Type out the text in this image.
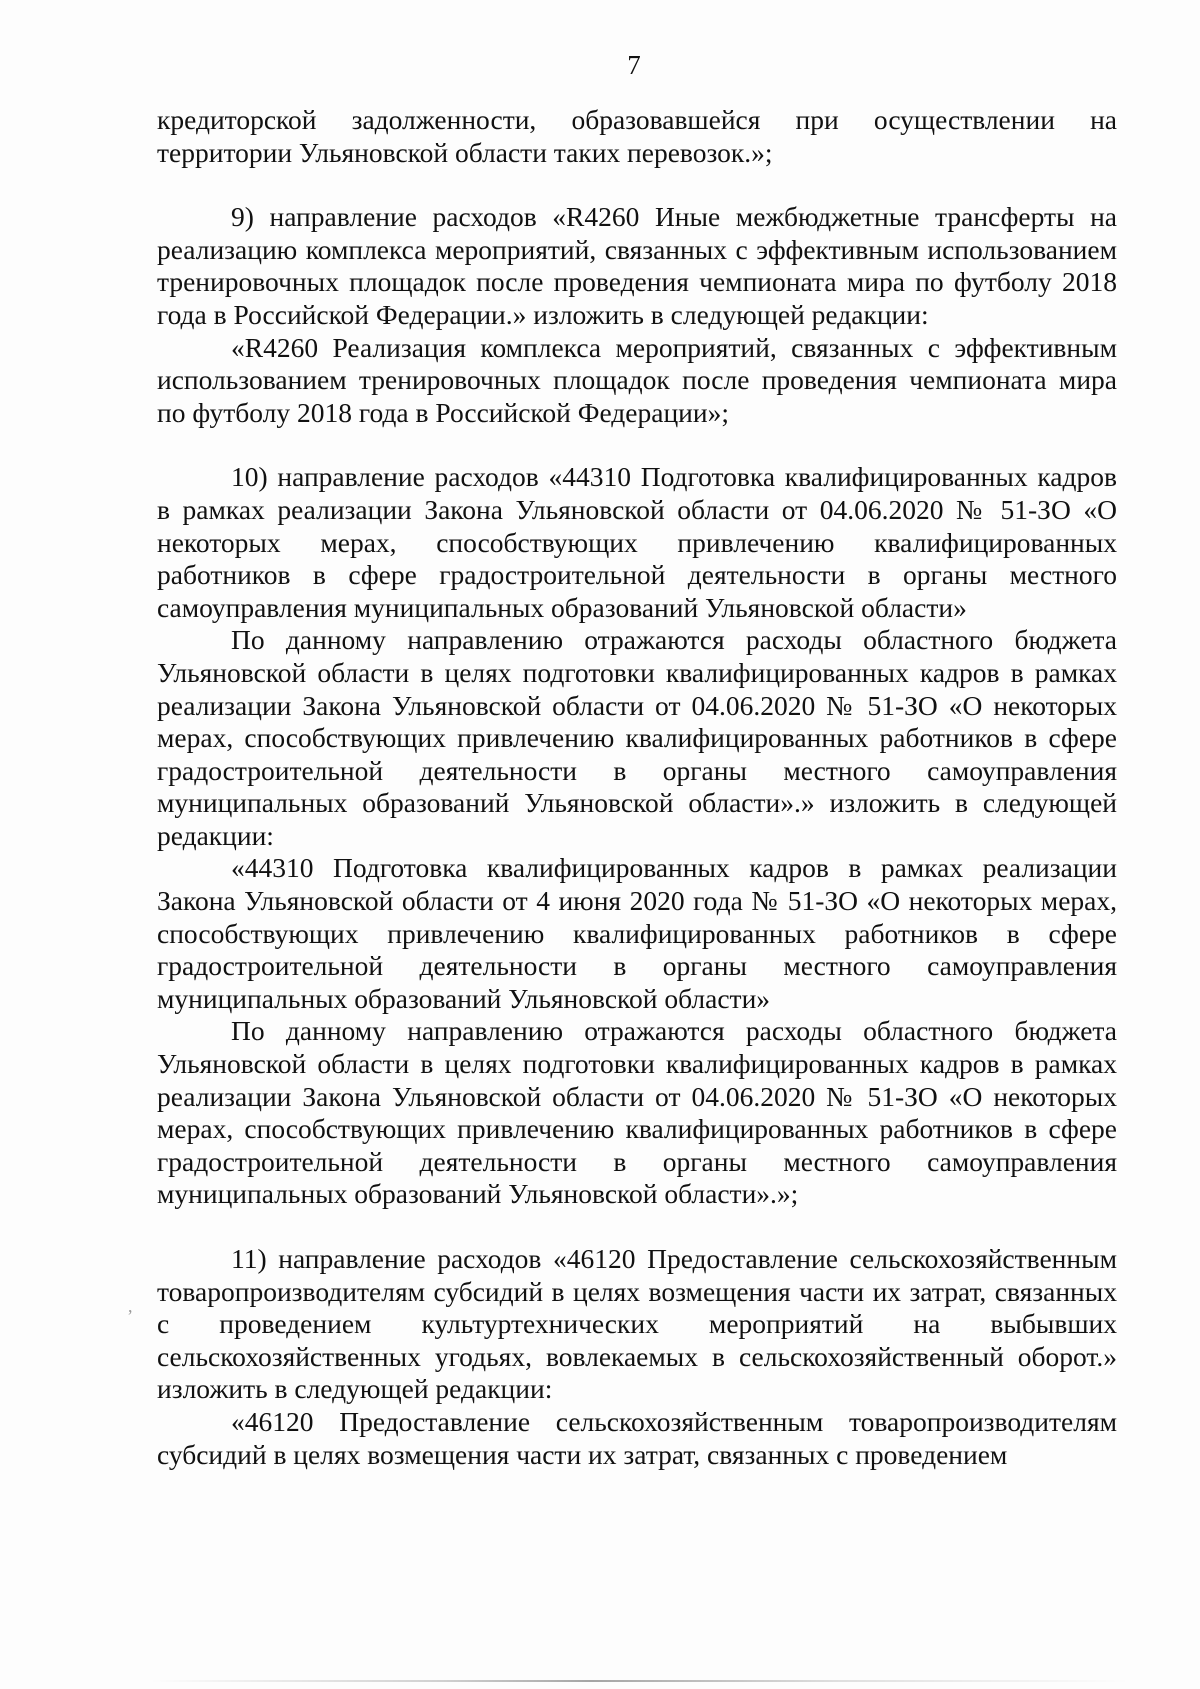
7

кредиторской задолженности, образовавшейся при осуществлении на территории Ульяновской области таких перевозок.»;

9) направление расходов «R4260 Иные межбюджетные трансферты на реализацию комплекса мероприятий, связанных с эффективным использованием тренировочных площадок после проведения чемпионата мира по футболу 2018 года в Российской Федерации.» изложить в следующей редакции:

«R4260 Реализация комплекса мероприятий, связанных с эффективным использованием тренировочных площадок после проведения чемпионата мира по футболу 2018 года в Российской Федерации»;

10) направление расходов «44310 Подготовка квалифицированных кадров в рамках реализации Закона Ульяновской области от 04.06.2020 № 51-ЗО «О некоторых мерах, способствующих привлечению квалифицированных работников в сфере градостроительной деятельности в органы местного самоуправления муниципальных образований Ульяновской области»

По данному направлению отражаются расходы областного бюджета Ульяновской области в целях подготовки квалифицированных кадров в рамках реализации Закона Ульяновской области от 04.06.2020 № 51-ЗО «О некоторых мерах, способствующих привлечению квалифицированных работников в сфере градостроительной деятельности в органы местного самоуправления муниципальных образований Ульяновской области».» изложить в следующей редакции:

«44310 Подготовка квалифицированных кадров в рамках реализации Закона Ульяновской области от 4 июня 2020 года № 51-ЗО «О некоторых мерах, способствующих привлечению квалифицированных работников в сфере градостроительной деятельности в органы местного самоуправления муниципальных образований Ульяновской области»

По данному направлению отражаются расходы областного бюджета Ульяновской области в целях подготовки квалифицированных кадров в рамках реализации Закона Ульяновской области от 04.06.2020 № 51-ЗО «О некоторых мерах, способствующих привлечению квалифицированных работников в сфере градостроительной деятельности в органы местного самоуправления муниципальных образований Ульяновской области».»;

11) направление расходов «46120 Предоставление сельскохозяйственным товаропроизводителям субсидий в целях возмещения части их затрат, связанных с проведением культуртехнических мероприятий на выбывших сельскохозяйственных угодьях, вовлекаемых в сельскохозяйственный оборот.» изложить в следующей редакции:

«46120 Предоставление сельскохозяйственным товаропроизводителям субсидий в целях возмещения части их затрат, связанных с проведением

,
